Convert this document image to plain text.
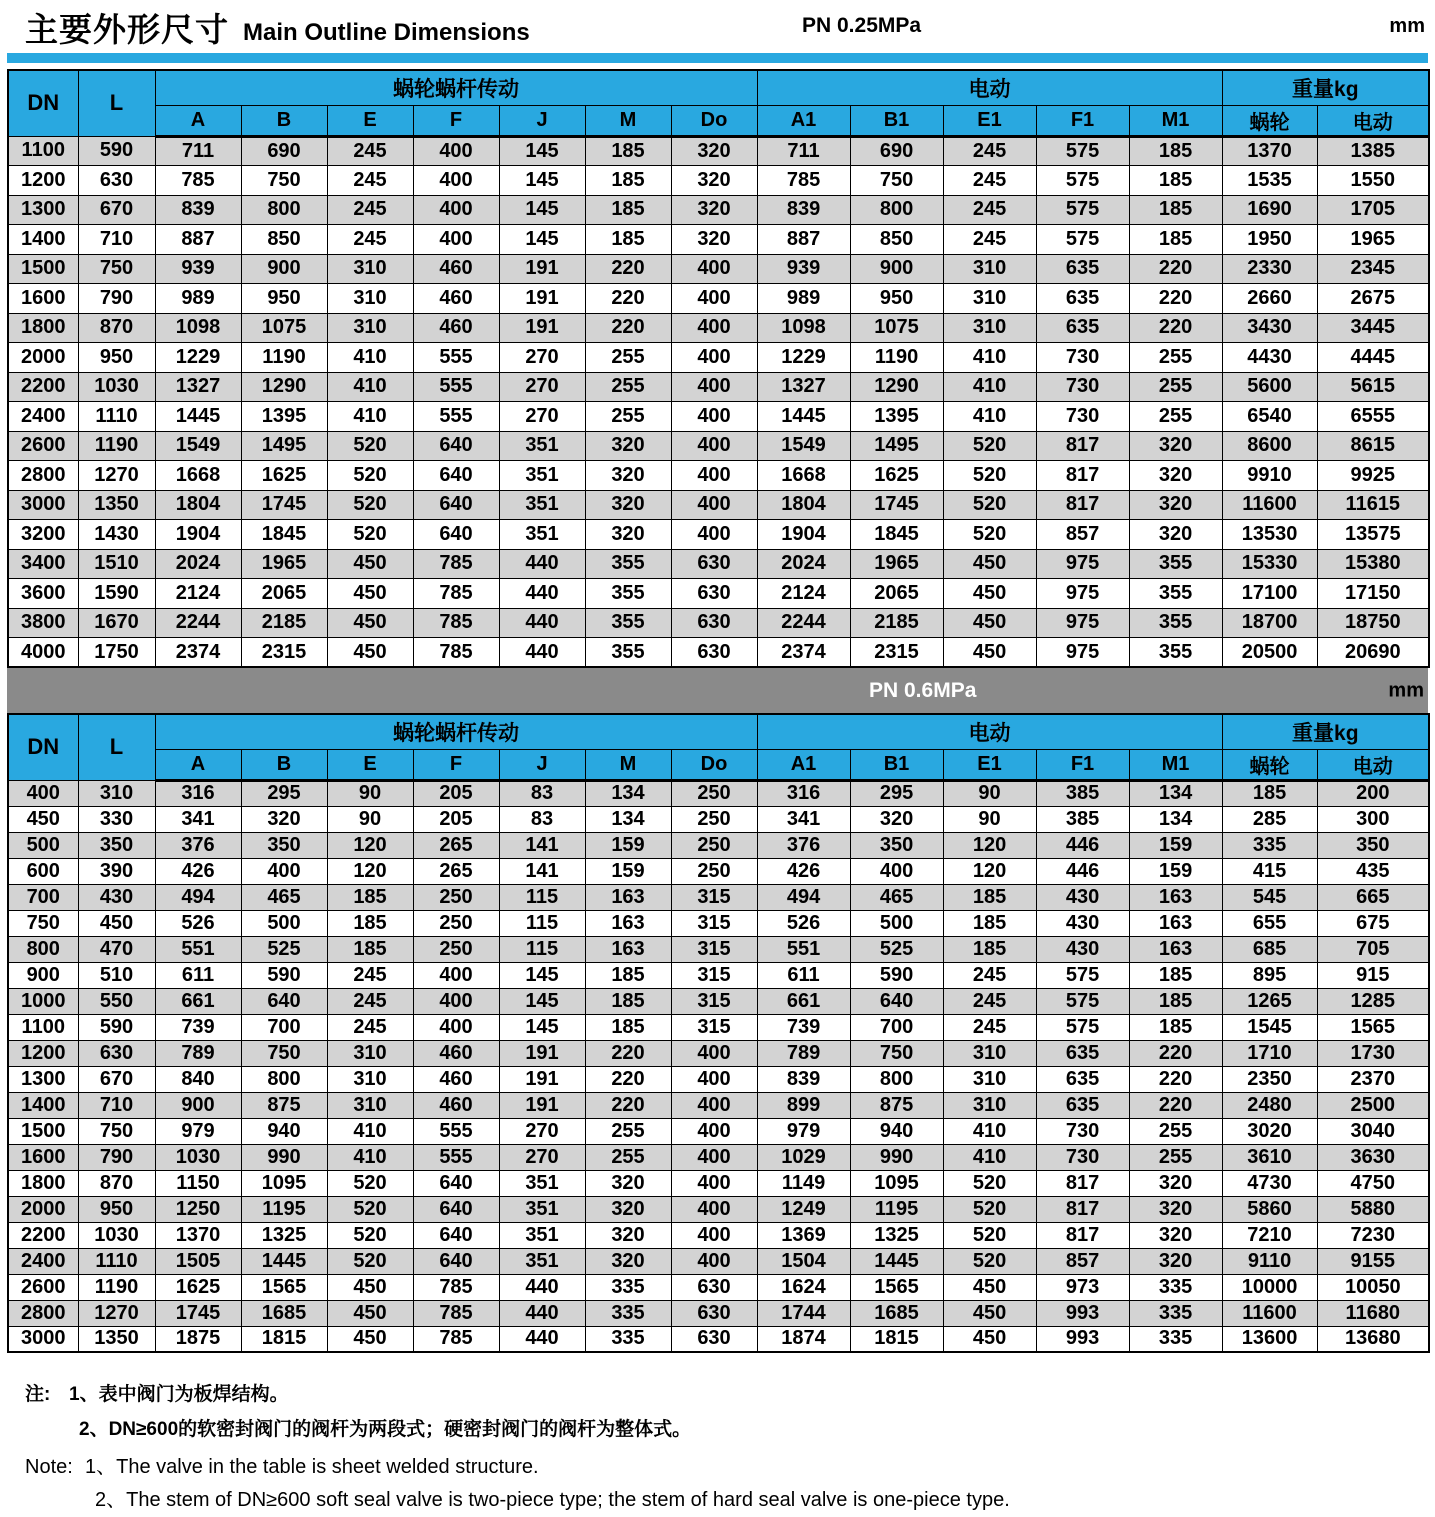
主要外形尺寸 Main Outline Dimensions	PN 0.25MPa	mm
DN	L	蜗轮蜗杆传动							电动					重量kg	
		A	B	E	F	J	M	Do	A1	B1	E1	F1	M1	蜗轮	电动
1100	590	711	690	245	400	145	185	320	711	690	245	575	185	1370	1385
1200	630	785	750	245	400	145	185	320	785	750	245	575	185	1535	1550
1300	670	839	800	245	400	145	185	320	839	800	245	575	185	1690	1705
1400	710	887	850	245	400	145	185	320	887	850	245	575	185	1950	1965
1500	750	939	900	310	460	191	220	400	939	900	310	635	220	2330	2345
1600	790	989	950	310	460	191	220	400	989	950	310	635	220	2660	2675
1800	870	1098	1075	310	460	191	220	400	1098	1075	310	635	220	3430	3445
2000	950	1229	1190	410	555	270	255	400	1229	1190	410	730	255	4430	4445
2200	1030	1327	1290	410	555	270	255	400	1327	1290	410	730	255	5600	5615
2400	1110	1445	1395	410	555	270	255	400	1445	1395	410	730	255	6540	6555
2600	1190	1549	1495	520	640	351	320	400	1549	1495	520	817	320	8600	8615
2800	1270	1668	1625	520	640	351	320	400	1668	1625	520	817	320	9910	9925
3000	1350	1804	1745	520	640	351	320	400	1804	1745	520	817	320	11600	11615
3200	1430	1904	1845	520	640	351	320	400	1904	1845	520	857	320	13530	13575
3400	1510	2024	1965	450	785	440	355	630	2024	1965	450	975	355	15330	15380
3600	1590	2124	2065	450	785	440	355	630	2124	2065	450	975	355	17100	17150
3800	1670	2244	2185	450	785	440	355	630	2244	2185	450	975	355	18700	18750
4000	1750	2374	2315	450	785	440	355	630	2374	2315	450	975	355	20500	20690
PN 0.6MPa	mm
DN	L	蜗轮蜗杆传动							电动					重量kg	
		A	B	E	F	J	M	Do	A1	B1	E1	F1	M1	蜗轮	电动
400	310	316	295	90	205	83	134	250	316	295	90	385	134	185	200
450	330	341	320	90	205	83	134	250	341	320	90	385	134	285	300
500	350	376	350	120	265	141	159	250	376	350	120	446	159	335	350
600	390	426	400	120	265	141	159	250	426	400	120	446	159	415	435
700	430	494	465	185	250	115	163	315	494	465	185	430	163	545	665
750	450	526	500	185	250	115	163	315	526	500	185	430	163	655	675
800	470	551	525	185	250	115	163	315	551	525	185	430	163	685	705
900	510	611	590	245	400	145	185	315	611	590	245	575	185	895	915
1000	550	661	640	245	400	145	185	315	661	640	245	575	185	1265	1285
1100	590	739	700	245	400	145	185	315	739	700	245	575	185	1545	1565
1200	630	789	750	310	460	191	220	400	789	750	310	635	220	1710	1730
1300	670	840	800	310	460	191	220	400	839	800	310	635	220	2350	2370
1400	710	900	875	310	460	191	220	400	899	875	310	635	220	2480	2500
1500	750	979	940	410	555	270	255	400	979	940	410	730	255	3020	3040
1600	790	1030	990	410	555	270	255	400	1029	990	410	730	255	3610	3630
1800	870	1150	1095	520	640	351	320	400	1149	1095	520	817	320	4730	4750
2000	950	1250	1195	520	640	351	320	400	1249	1195	520	817	320	5860	5880
2200	1030	1370	1325	520	640	351	320	400	1369	1325	520	817	320	7210	7230
2400	1110	1505	1445	520	640	351	320	400	1504	1445	520	857	320	9110	9155
2600	1190	1625	1565	450	785	440	335	630	1624	1565	450	973	335	10000	10050
2800	1270	1745	1685	450	785	440	335	630	1744	1685	450	993	335	11600	11680
3000	1350	1875	1815	450	785	440	335	630	1874	1815	450	993	335	13600	13680
注: 1、表中阀门为板焊结构。
2、DN≥600的软密封阀门的阀杆为两段式；硬密封阀门的阀杆为整体式。
Note: 1、The valve in the table is sheet welded structure.
2、The stem of DN≥600 soft seal valve is two-piece type; the stem of hard seal valve is one-piece type.
